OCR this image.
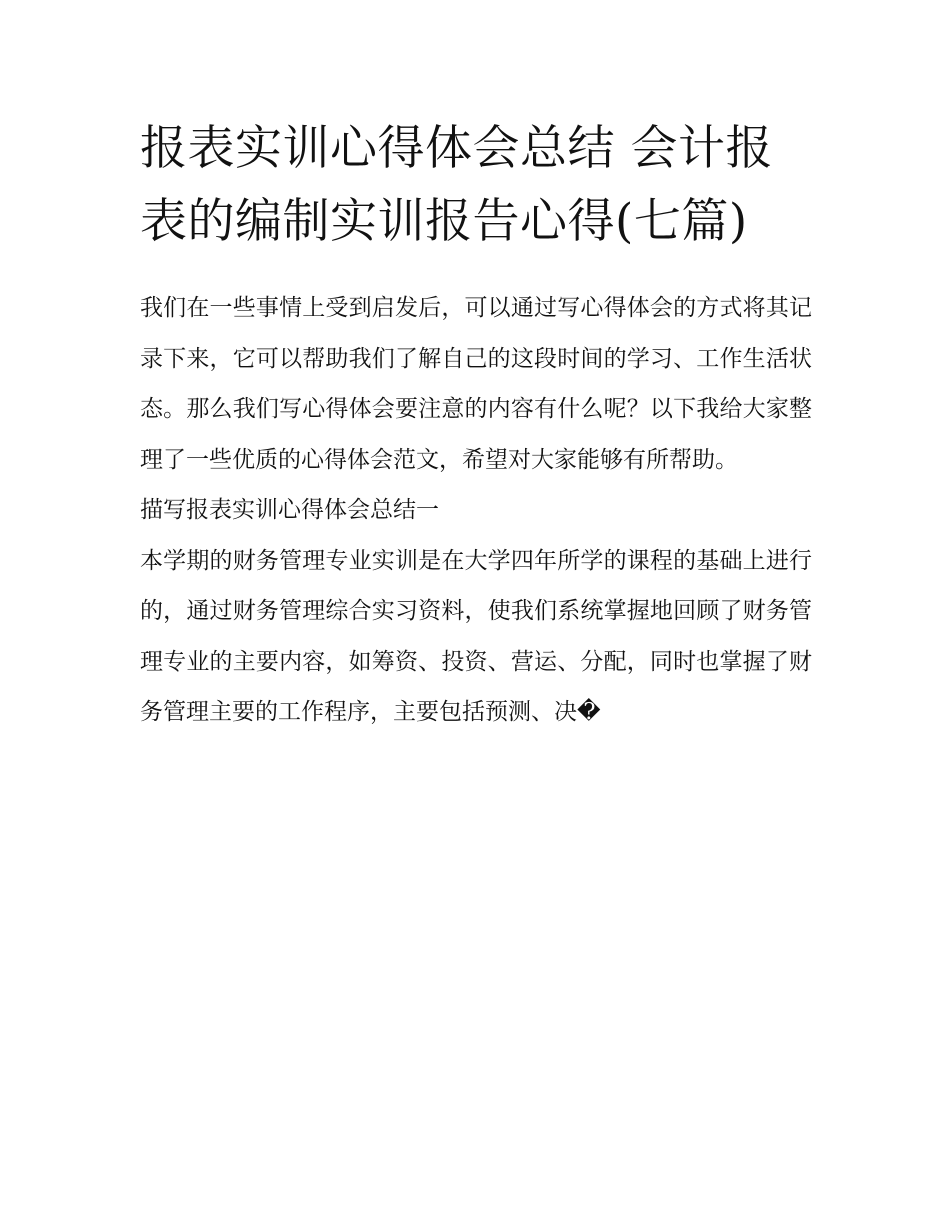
报表实训心得体会总结 会计报表的编制实训报告心得(七篇)

我们在一些事情上受到启发后，可以通过写心得体会的方式将其记录下来，它可以帮助我们了解自己的这段时间的学习、工作生活状态。那么我们写心得体会要注意的内容有什么呢？以下我给大家整理了一些优质的心得体会范文，希望对大家能够有所帮助。

描写报表实训心得体会总结一

本学期的财务管理专业实训是在大学四年所学的课程的基础上进行的，通过财务管理综合实习资料，使我们系统掌握地回顾了财务管理专业的主要内容，如筹资、投资、营运、分配，同时也掌握了财务管理主要的工作程序，主要包括预测、决�
